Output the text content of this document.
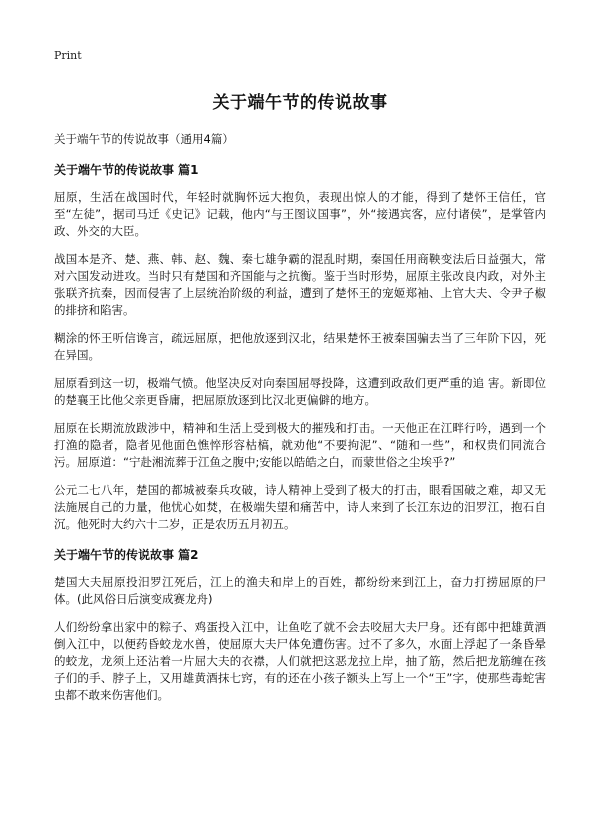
Print
关于端午节的传说故事
关于端午节的传说故事（通用4篇）
关于端午节的传说故事 篇1

屈原，生活在战国时代，年轻时就胸怀远大抱负，表现出惊人的才能，得到了楚怀王信任，官至“左徒”，据司马迁《史记》记载，他内“与王图议国事”，外“接遇宾客，应付诸侯”，是掌管内政、外交的大臣。

战国本是齐、楚、燕、韩、赵、魏、秦七雄争霸的混乱时期，秦国任用商鞅变法后日益强大，常对六国发动进攻。当时只有楚国和齐国能与之抗衡。鉴于当时形势，屈原主张改良内政，对外主张联齐抗秦，因而侵害了上层统治阶级的利益，遭到了楚怀王的宠姬郑袖、上官大夫、令尹子椒的排挤和陷害。

糊涂的怀王听信谗言，疏远屈原，把他放逐到汉北，结果楚怀王被秦国骗去当了三年阶下囚，死在异国。

屈原看到这一切，极端气愤。他坚决反对向秦国屈辱投降，这遭到政敌们更严重的追 害。新即位的楚襄王比他父亲更昏庸，把屈原放逐到比汉北更偏僻的地方。

屈原在长期流放跋涉中，精神和生活上受到极大的摧残和打击。一天他正在江畔行吟，遇到一个打渔的隐者，隐者见他面色憔悴形容枯槁，就劝他“不要拘泥”、“随和一些”，和权贵们同流合污。屈原道：“宁赴湘流葬于江鱼之腹中;安能以皓皓之白，而蒙世俗之尘埃乎?”

公元二七八年，楚国的都城被秦兵攻破，诗人精神上受到了极大的打击，眼看国破之难，却又无法施展自己的力量，他忧心如焚，在极端失望和痛苦中，诗人来到了长江东边的汨罗江，抱石自沉。他死时大约六十二岁，正是农历五月初五。

关于端午节的传说故事 篇2

楚国大夫屈原投汨罗江死后，江上的渔夫和岸上的百姓，都纷纷来到江上，奋力打捞屈原的尸体。(此风俗日后演变成赛龙舟)

人们纷纷拿出家中的粽子、鸡蛋投入江中，让鱼吃了就不会去咬屈大夫尸身。还有郎中把雄黄酒倒入江中，以便药昏蛟龙水兽，使屈原大夫尸体免遭伤害。过不了多久，水面上浮起了一条昏晕的蛟龙，龙须上还沾着一片屈大夫的衣襟，人们就把这恶龙拉上岸，抽了筋，然后把龙筋缠在孩子们的手、脖子上，又用雄黄酒抹七窍，有的还在小孩子额头上写上一个“王”字，使那些毒蛇害虫都不敢来伤害他们。
